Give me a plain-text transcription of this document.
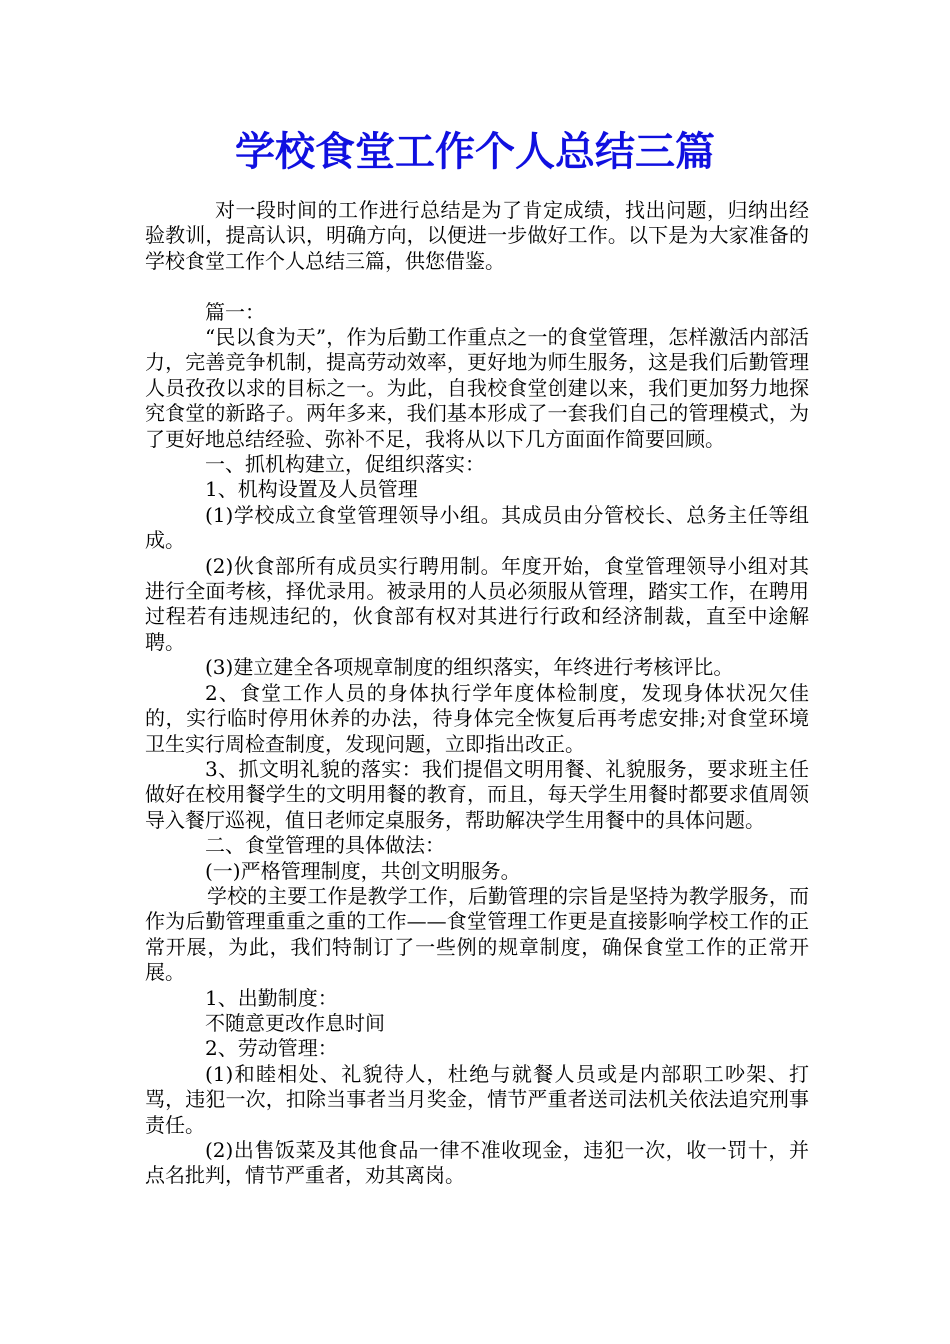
学校食堂工作个人总结三篇

对一段时间的工作进行总结是为了肯定成绩，找出问题，归纳出经验教训，提高认识，明确方向，以便进一步做好工作。以下是为大家准备的学校食堂工作个人总结三篇，供您借鉴。

篇一：

“民以食为天”，作为后勤工作重点之一的食堂管理，怎样激活内部活力，完善竞争机制，提高劳动效率，更好地为师生服务，这是我们后勤管理人员孜孜以求的目标之一。为此，自我校食堂创建以来，我们更加努力地探究食堂的新路子。两年多来，我们基本形成了一套我们自己的管理模式，为了更好地总结经验、弥补不足，我将从以下几方面面作简要回顾。

一、抓机构建立，促组织落实：

1、机构设置及人员管理

(1)学校成立食堂管理领导小组。其成员由分管校长、总务主任等组成。

(2)伙食部所有成员实行聘用制。年度开始，食堂管理领导小组对其进行全面考核，择优录用。被录用的人员必须服从管理，踏实工作，在聘用过程若有违规违纪的，伙食部有权对其进行行政和经济制裁，直至中途解聘。

(3)建立建全各项规章制度的组织落实，年终进行考核评比。

2、食堂工作人员的身体执行学年度体检制度，发现身体状况欠佳的，实行临时停用休养的办法，待身体完全恢复后再考虑安排;对食堂环境卫生实行周检查制度，发现问题，立即指出改正。

3、抓文明礼貌的落实：我们提倡文明用餐、礼貌服务，要求班主任做好在校用餐学生的文明用餐的教育，而且，每天学生用餐时都要求值周领导入餐厅巡视，值日老师定桌服务，帮助解决学生用餐中的具体问题。

二、食堂管理的具体做法：

(一)严格管理制度，共创文明服务。

学校的主要工作是教学工作，后勤管理的宗旨是坚持为教学服务，而作为后勤管理重重之重的工作——食堂管理工作更是直接影响学校工作的正常开展，为此，我们特制订了一些例的规章制度，确保食堂工作的正常开展。

1、出勤制度：

不随意更改作息时间

2、劳动管理：

(1)和睦相处、礼貌待人，杜绝与就餐人员或是内部职工吵架、打骂，违犯一次，扣除当事者当月奖金，情节严重者送司法机关依法追究刑事责任。

(2)出售饭菜及其他食品一律不准收现金，违犯一次，收一罚十，并点名批判，情节严重者，劝其离岗。
